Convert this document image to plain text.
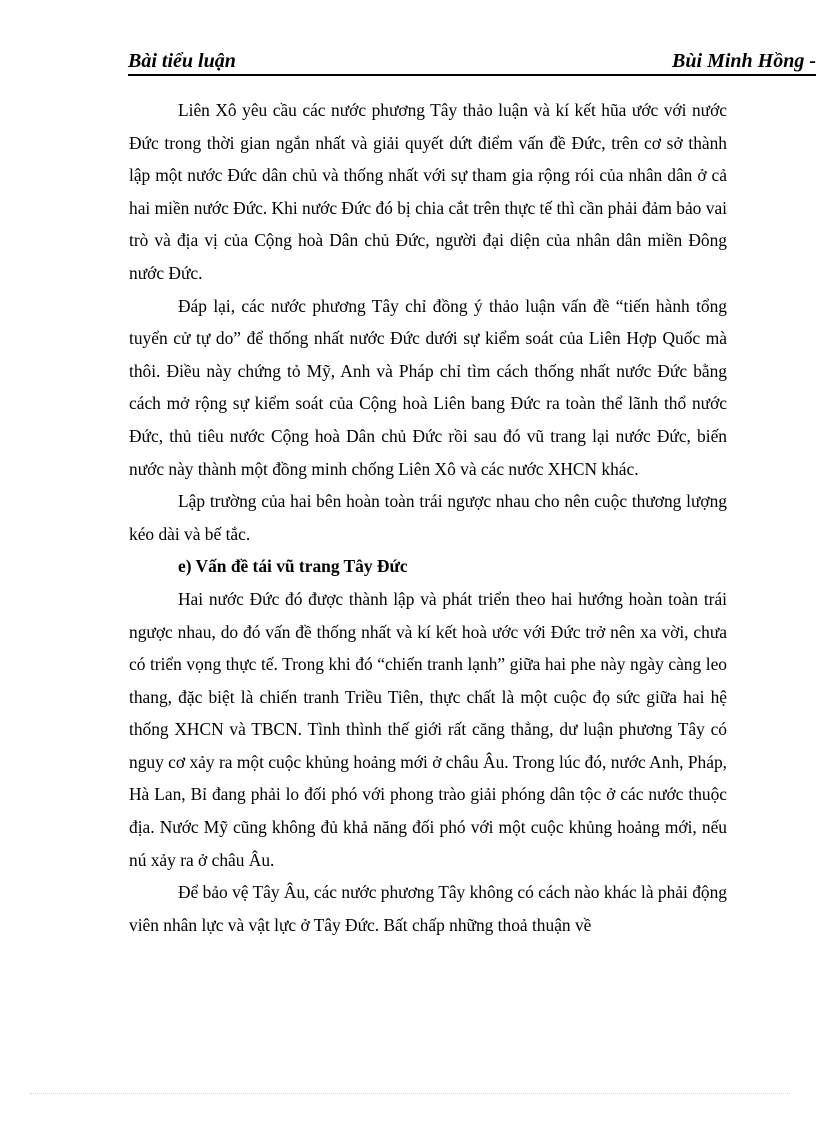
Bài tiểu luận	Bùi Minh Hồng -

Liên Xô yêu cầu các nước phương Tây thảo luận và kí kết hũa ước với nước Đức trong thời gian ngắn nhất và giải quyết dứt điểm vấn đề Đức, trên cơ sở thành lập một nước Đức dân chủ và thống nhất với sự tham gia rộng rói của nhân dân ở cả hai miền nước Đức. Khi nước Đức đó bị chia cắt trên thực tế thì cần phải đảm bảo vai trò và địa vị của Cộng hoà Dân chủ Đức, người đại diện của nhân dân miền Đông nước Đức.

Đáp lại, các nước phương Tây chỉ đồng ý thảo luận vấn đề “tiến hành tổng tuyển cử tự do” để thống nhất nước Đức dưới sự kiểm soát của Liên Hợp Quốc mà thôi. Điều này chứng tỏ Mỹ, Anh và Pháp chỉ tìm cách thống nhất nước Đức bằng cách mở rộng sự kiểm soát của Cộng hoà Liên bang Đức ra toàn thể lãnh thổ nước Đức, thủ tiêu nước Cộng hoà Dân chủ Đức rồi sau đó vũ trang lại nước Đức, biến nước này thành một đồng minh chống Liên Xô và các nước XHCN khác.

Lập trường của hai bên hoàn toàn trái ngược nhau cho nên cuộc thương lượng kéo dài và bế tắc.

e) Vấn đề tái vũ trang Tây Đức

Hai nước Đức đó được thành lập và phát triển theo hai hướng hoàn toàn trái ngược nhau, do đó vấn đề thống nhất và kí kết hoà ước với Đức trở nên xa vời, chưa có triển vọng thực tế. Trong khi đó “chiến tranh lạnh” giữa hai phe này ngày càng leo thang, đặc biệt là chiến tranh Triều Tiên, thực chất là một cuộc đọ sức giữa hai hệ thống XHCN và TBCN. Tình thình thế giới rất căng thẳng, dư luận phương Tây có nguy cơ xảy ra một cuộc khủng hoảng mới ở châu Âu. Trong lúc đó, nước Anh, Pháp, Hà Lan, Bỉ đang phải lo đối phó với phong trào giải phóng dân tộc ở các nước thuộc địa. Nước Mỹ cũng không đủ khả năng đối phó với một cuộc khủng hoảng mới, nếu nú xảy ra ở châu Âu.

Để bảo vệ Tây Âu, các nước phương Tây không có cách nào khác là phải động viên nhân lực và vật lực ở Tây Đức. Bất chấp những thoả thuận về
